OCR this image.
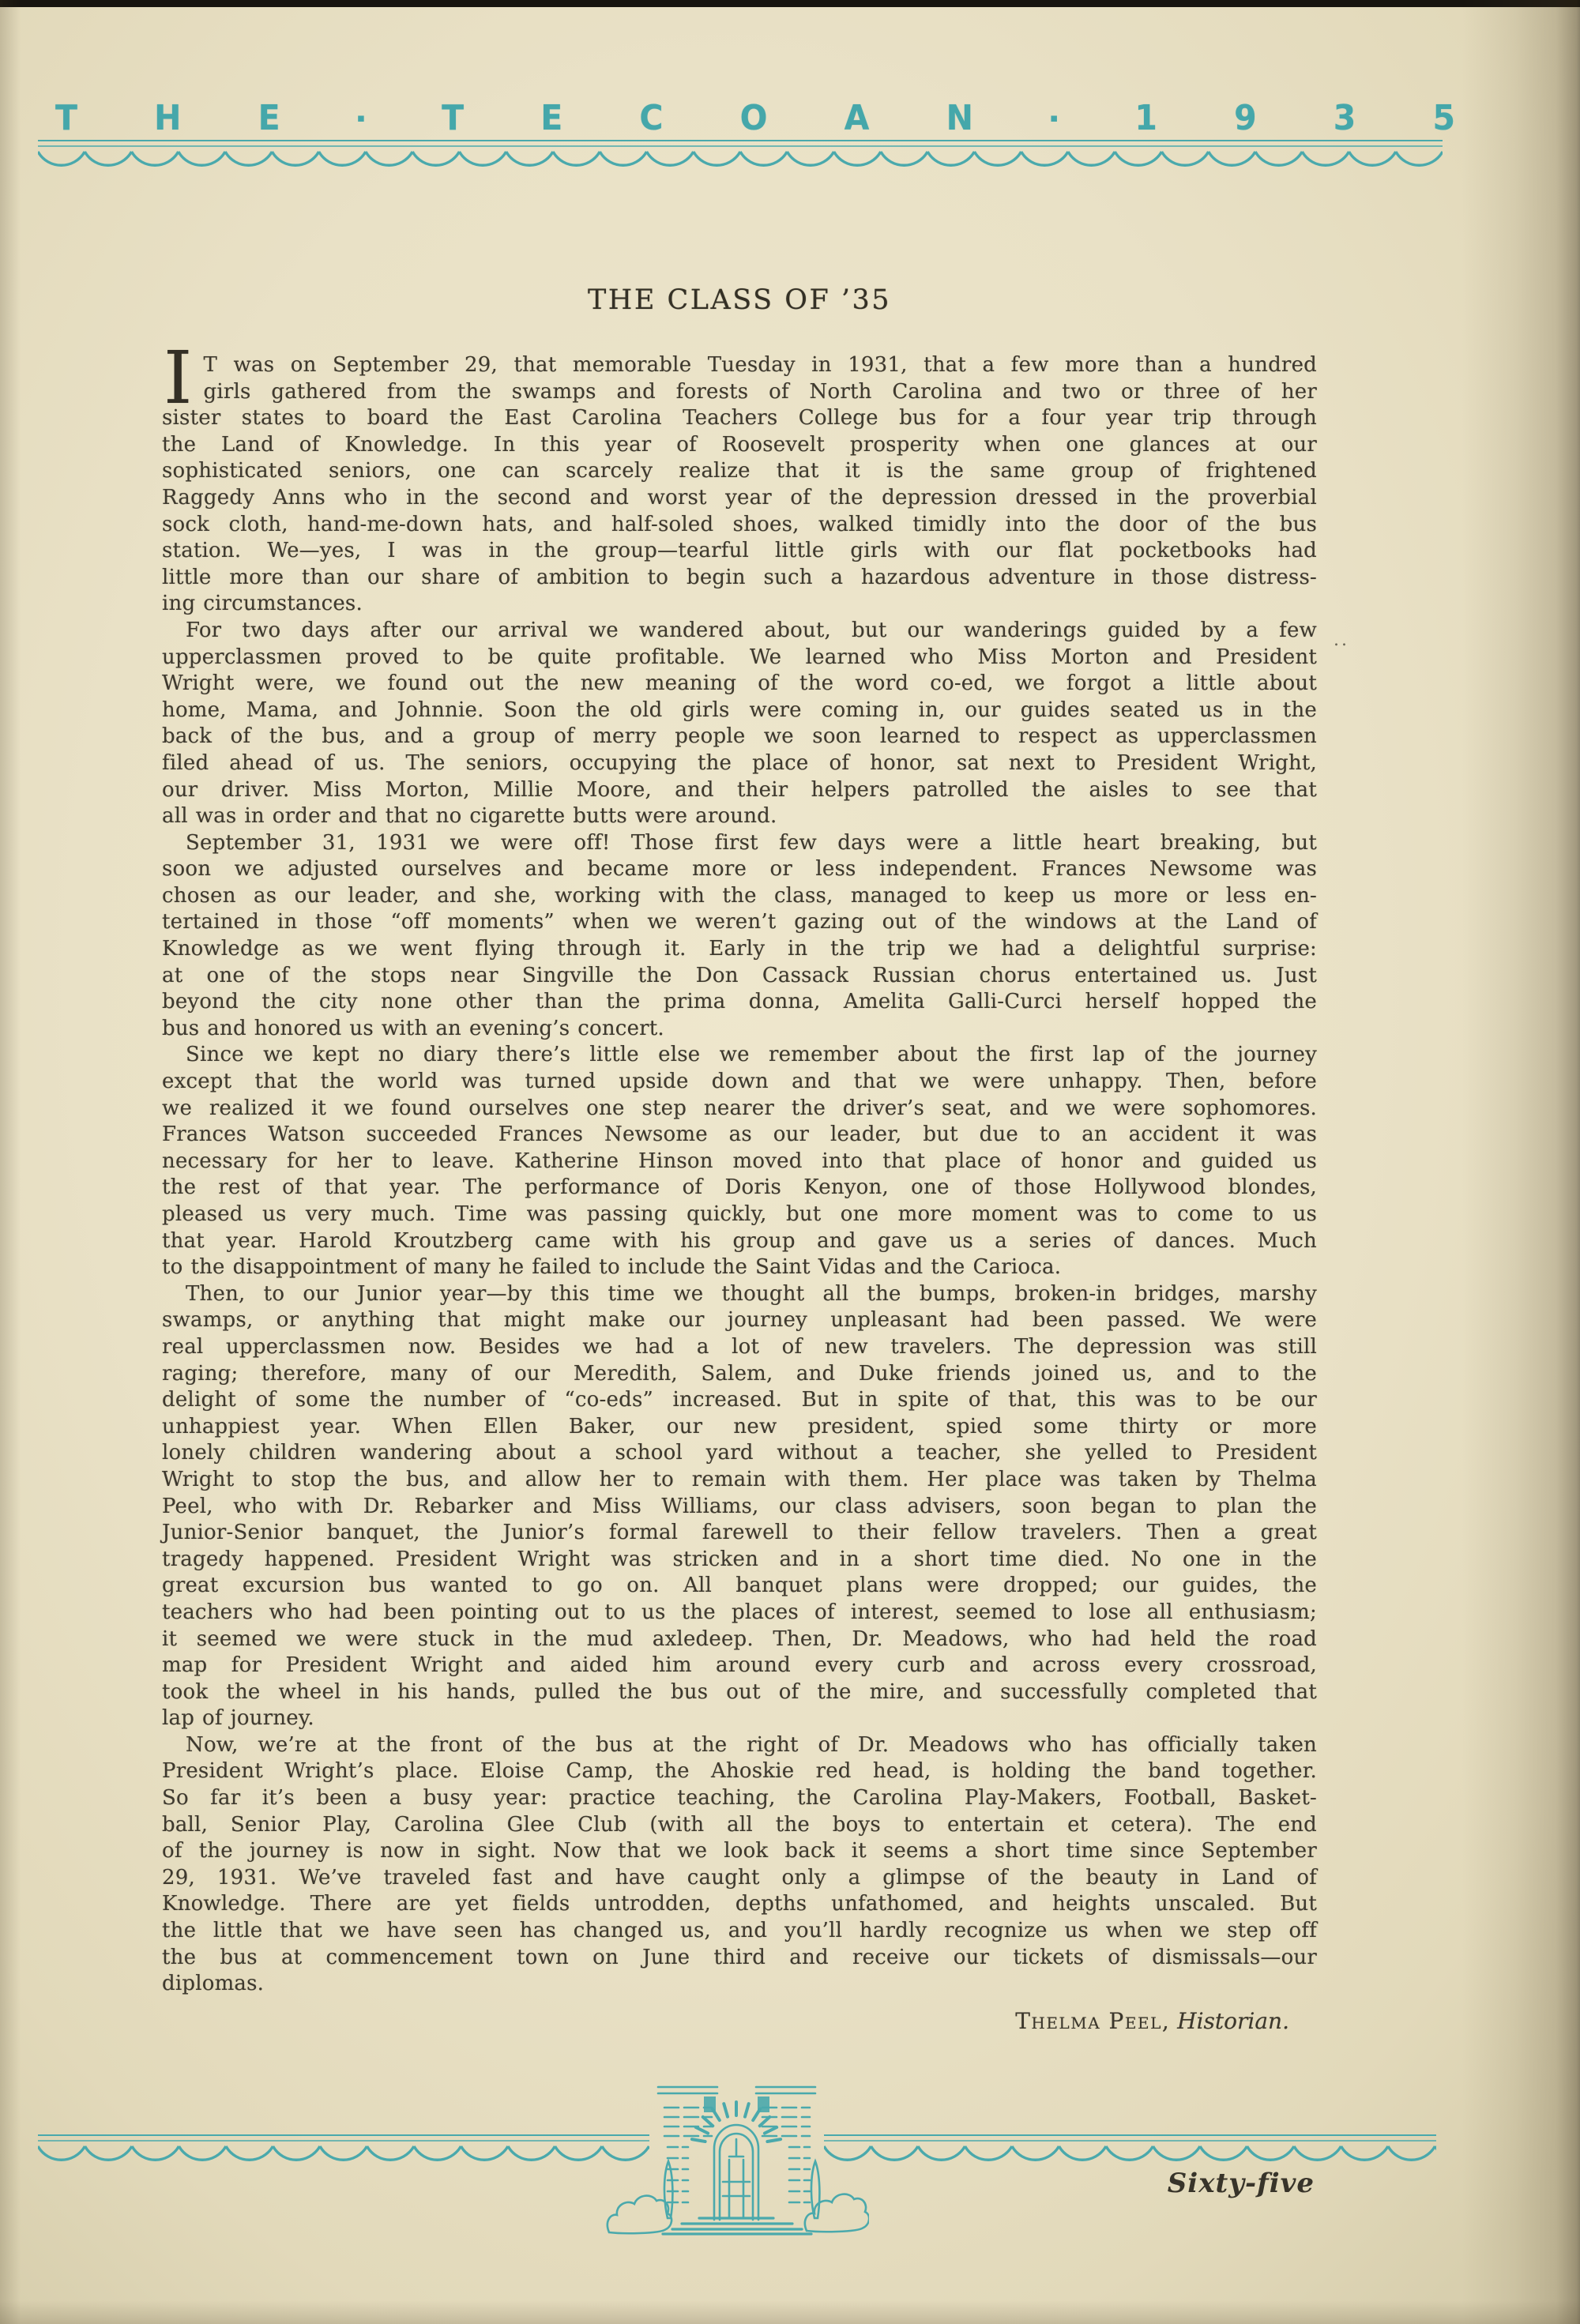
T H E	▪ T E C O A N	▪ 1 9 3 5
THE CLASS OF ’35
I T was on September 29, that memorable Tuesday in 1931, that a few more than a hundred
girls gathered from the swamps and forests of North Carolina and two or three of her
sister states to board the East Carolina Teachers College bus for a four year trip through
the Land of Knowledge. In this year of Roosevelt prosperity when one glances at our
sophisticated seniors, one can scarcely realize that it is the same group of frightened
Raggedy Anns who in the second and worst year of the depression dressed in the proverbial
sock cloth, hand-me-down hats, and half-soled shoes, walked timidly into the door of the bus
station. We—yes, I was in the group—tearful little girls with our flat pocketbooks had
little more than our share of ambition to begin such a hazardous adventure in those distress-
ing circumstances.
For two days after our arrival we wandered about, but our wanderings guided by a few
upperclassmen proved to be quite profitable. We learned who Miss Morton and President
Wright were, we found out the new meaning of the word co-ed, we forgot a little about
home, Mama, and Johnnie. Soon the old girls were coming in, our guides seated us in the
back of the bus, and a group of merry people we soon learned to respect as upperclassmen
filed ahead of us. The seniors, occupying the place of honor, sat next to President Wright,
our driver. Miss Morton, Millie Moore, and their helpers patrolled the aisles to see that
all was in order and that no cigarette butts were around.
September 31, 1931 we were off! Those first few days were a little heart breaking, but
soon we adjusted ourselves and became more or less independent. Frances Newsome was
chosen as our leader, and she, working with the class, managed to keep us more or less en-
tertained in those “off moments” when we weren’t gazing out of the windows at the Land of
Knowledge as we went flying through it. Early in the trip we had a delightful surprise:
at one of the stops near Singville the Don Cassack Russian chorus entertained us. Just
beyond the city none other than the prima donna, Amelita Galli-Curci herself hopped the
bus and honored us with an evening’s concert.
Since we kept no diary there’s little else we remember about the first lap of the journey
except that the world was turned upside down and that we were unhappy. Then, before
we realized it we found ourselves one step nearer the driver’s seat, and we were sophomores.
Frances Watson succeeded Frances Newsome as our leader, but due to an accident it was
necessary for her to leave. Katherine Hinson moved into that place of honor and guided us
the rest of that year. The performance of Doris Kenyon, one of those Hollywood blondes,
pleased us very much. Time was passing quickly, but one more moment was to come to us
that year. Harold Kroutzberg came with his group and gave us a series of dances. Much
to the disappointment of many he failed to include the Saint Vidas and the Carioca.
Then, to our Junior year—by this time we thought all the bumps, broken-in bridges, marshy
swamps, or anything that might make our journey unpleasant had been passed. We were
real upperclassmen now. Besides we had a lot of new travelers. The depression was still
raging; therefore, many of our Meredith, Salem, and Duke friends joined us, and to the
delight of some the number of “co-eds” increased. But in spite of that, this was to be our
unhappiest year. When Ellen Baker, our new president, spied some thirty or more
lonely children wandering about a school yard without a teacher, she yelled to President
Wright to stop the bus, and allow her to remain with them. Her place was taken by Thelma
Peel, who with Dr. Rebarker and Miss Williams, our class advisers, soon began to plan the
Junior-Senior banquet, the Junior’s formal farewell to their fellow travelers. Then a great
tragedy happened. President Wright was stricken and in a short time died. No one in the
great excursion bus wanted to go on. All banquet plans were dropped; our guides, the
teachers who had been pointing out to us the places of interest, seemed to lose all enthusiasm;
it seemed we were stuck in the mud axledeep. Then, Dr. Meadows, who had held the road
map for President Wright and aided him around every curb and across every crossroad,
took the wheel in his hands, pulled the bus out of the mire, and successfully completed that
lap of journey.
Now, we’re at the front of the bus at the right of Dr. Meadows who has officially taken
President Wright’s place. Eloise Camp, the Ahoskie red head, is holding the band together.
So far it’s been a busy year: practice teaching, the Carolina Play-Makers, Football, Basket-
ball, Senior Play, Carolina Glee Club (with all the boys to entertain et cetera). The end
of the journey is now in sight. Now that we look back it seems a short time since September
29, 1931. We’ve traveled fast and have caught only a glimpse of the beauty in Land of
Knowledge. There are yet fields untrodden, depths unfathomed, and heights unscaled. But
the little that we have seen has changed us, and you’ll hardly recognize us when we step off
the bus at commencement town on June third and receive our tickets of dismissals—our
diplomas.
..
Thelma Peel, Historian.
Sixty-five
